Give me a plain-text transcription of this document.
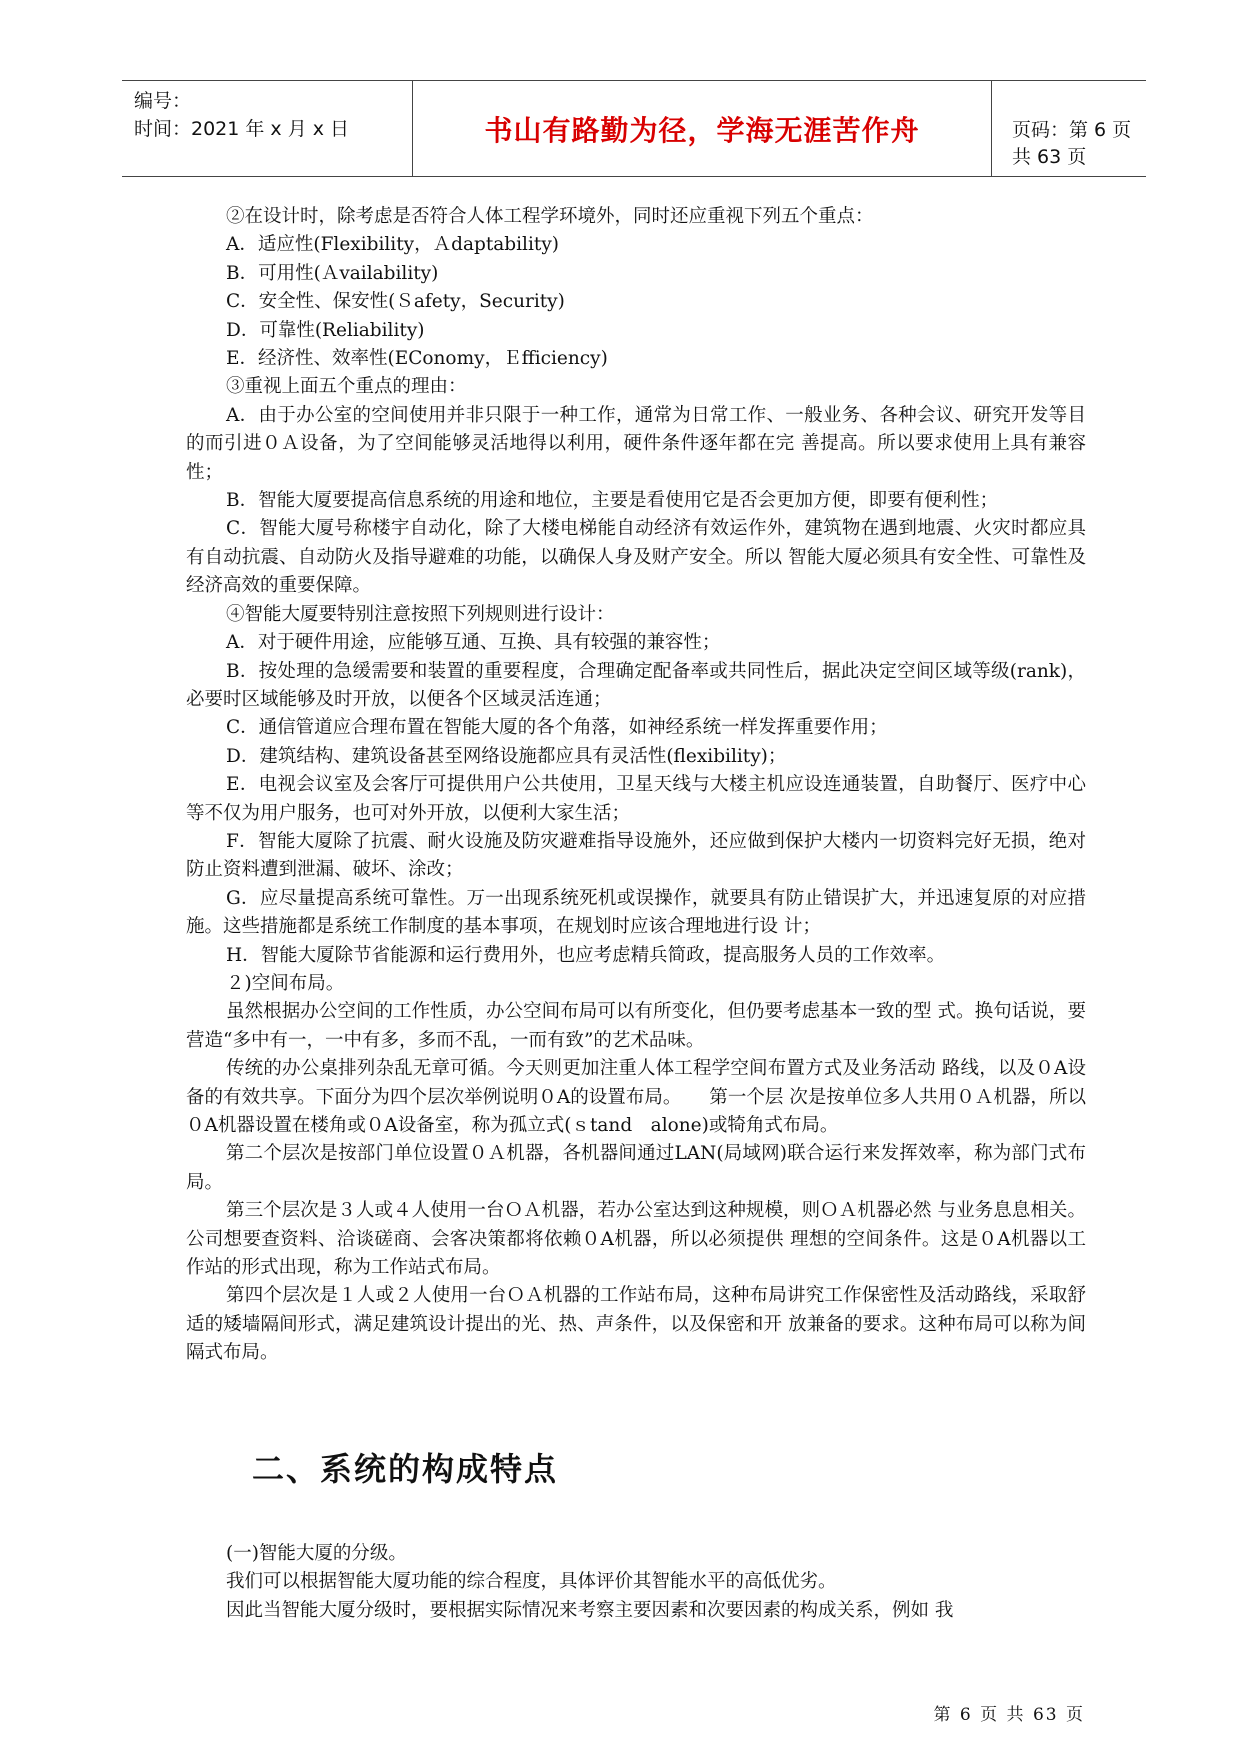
编号：
时间：2021 年 x 月 x 日	书山有路勤为径，学海无涯苦作舟	页码：第 6 页 共 63 页

②在设计时，除考虑是否符合人体工程学环境外，同时还应重视下列五个重点：

A．适应性(Flexibility，Ａdaptability)

B．可用性(Ａvailability)

C．安全性、保安性(Ｓafety，Security)

D．可靠性(Reliability)

E．经济性、效率性(EConomy，Ｅfficiency)

③重视上面五个重点的理由：

A．由于办公室的空间使用并非只限于一种工作，通常为日常工作、一般业务、各种会议、研究开发等目的而引进０Ａ设备，为了空间能够灵活地得以利用，硬件条件逐年都在完 善提高。所以要求使用上具有兼容性；

B．智能大厦要提高信息系统的用途和地位，主要是看使用它是否会更加方便，即要有便利性；

C．智能大厦号称楼宇自动化，除了大楼电梯能自动经济有效运作外，建筑物在遇到地震、火灾时都应具有自动抗震、自动防火及指导避难的功能，以确保人身及财产安全。所以 智能大厦必须具有安全性、可靠性及经济高效的重要保障。

④智能大厦要特别注意按照下列规则进行设计：

A．对于硬件用途，应能够互通、互换、具有较强的兼容性；

B．按处理的急缓需要和装置的重要程度，合理确定配备率或共同性后，据此决定空间区域等级(rank)，必要时区域能够及时开放，以便各个区域灵活连通；

C．通信管道应合理布置在智能大厦的各个角落，如神经系统一样发挥重要作用；

D．建筑结构、建筑设备甚至网络设施都应具有灵活性(flexibility)；

E．电视会议室及会客厅可提供用户公共使用，卫星天线与大楼主机应设连通装置，自助餐厅、医疗中心等不仅为用户服务，也可对外开放，以便利大家生活；

F．智能大厦除了抗震、耐火设施及防灾避难指导设施外，还应做到保护大楼内一切资料完好无损，绝对防止资料遭到泄漏、破坏、涂改；

G．应尽量提高系统可靠性。万一出现系统死机或误操作，就要具有防止错误扩大，并迅速复原的对应措施。这些措施都是系统工作制度的基本事项，在规划时应该合理地进行设 计；

H．智能大厦除节省能源和运行费用外，也应考虑精兵简政，提高服务人员的工作效率。

２)空间布局。

虽然根据办公空间的工作性质，办公空间布局可以有所变化，但仍要考虑基本一致的型 式。换句话说，要营造“多中有一，一中有多，多而不乱，一而有致”的艺术品味。

传统的办公桌排列杂乱无章可循。今天则更加注重人体工程学空间布置方式及业务活动 路线，以及０A设备的有效共享。下面分为四个层次举例说明０A的设置布局。　　第一个层 次是按单位多人共用０Ａ机器，所以０A机器设置在楼角或０A设备室，称为孤立式(ｓtand　alone)或犄角式布局。

第二个层次是按部门单位设置０Ａ机器，各机器间通过LAN(局域网)联合运行来发挥效率，称为部门式布局。

第三个层次是３人或４人使用一台ＯＡ机器，若办公室达到这种规模，则ＯＡ机器必然 与业务息息相关。公司想要查资料、洽谈磋商、会客决策都将依赖０A机器，所以必须提供 理想的空间条件。这是０A机器以工作站的形式出现，称为工作站式布局。

第四个层次是１人或２人使用一台ＯＡ机器的工作站布局，这种布局讲究工作保密性及活动路线，采取舒适的矮墙隔间形式，满足建筑设计提出的光、热、声条件，以及保密和开 放兼备的要求。这种布局可以称为间隔式布局。

二、系统的构成特点

(一)智能大厦的分级。

我们可以根据智能大厦功能的综合程度，具体评价其智能水平的高低优劣。

因此当智能大厦分级时，要根据实际情况来考察主要因素和次要因素的构成关系，例如 我

第 6 页 共 63 页
